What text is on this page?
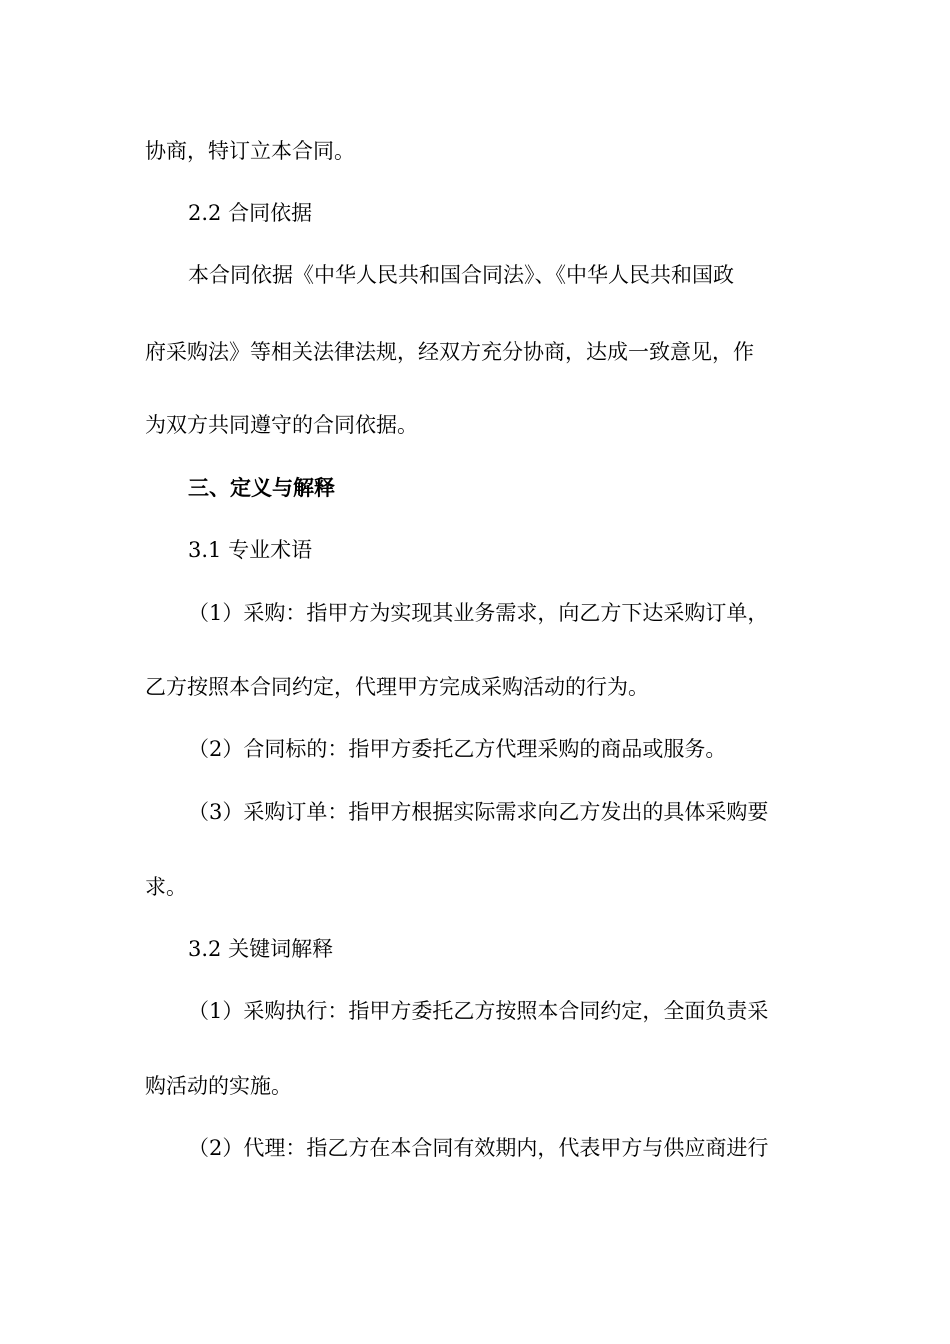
协商，特订立本合同。
2.2 合同依据
本合同依据《中华人民共和国合同法》、《中华人民共和国政
府采购法》等相关法律法规，经双方充分协商，达成一致意见，作
为双方共同遵守的合同依据。
三、定义与解释
3.1 专业术语
（1）采购：指甲方为实现其业务需求，向乙方下达采购订单，
乙方按照本合同约定，代理甲方完成采购活动的行为。
（2）合同标的：指甲方委托乙方代理采购的商品或服务。
（3）采购订单：指甲方根据实际需求向乙方发出的具体采购要
求。
3.2 关键词解释
（1）采购执行：指甲方委托乙方按照本合同约定，全面负责采
购活动的实施。
（2）代理：指乙方在本合同有效期内，代表甲方与供应商进行
